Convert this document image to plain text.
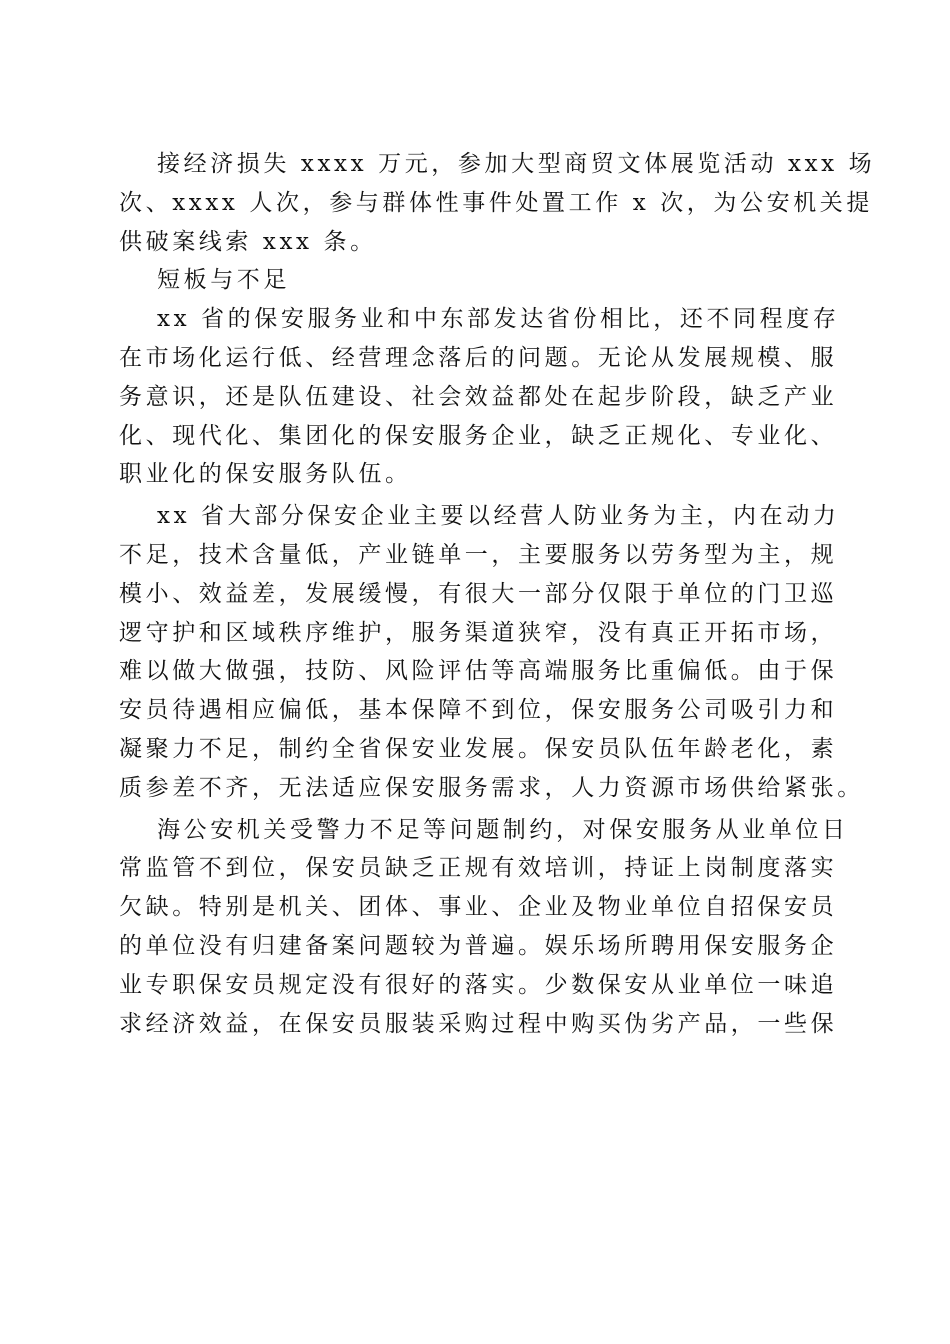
接经济损失 xxxx 万元，参加大型商贸文体展览活动 xxx 场
次、xxxx 人次，参与群体性事件处置工作 x 次，为公安机关提
供破案线索 xxx 条。
短板与不足
xx 省的保安服务业和中东部发达省份相比，还不同程度存
在市场化运行低、经营理念落后的问题。无论从发展规模、服
务意识，还是队伍建设、社会效益都处在起步阶段，缺乏产业
化、现代化、集团化的保安服务企业，缺乏正规化、专业化、
职业化的保安服务队伍。
xx 省大部分保安企业主要以经营人防业务为主，内在动力
不足，技术含量低，产业链单一，主要服务以劳务型为主，规
模小、效益差，发展缓慢，有很大一部分仅限于单位的门卫巡
逻守护和区域秩序维护，服务渠道狭窄，没有真正开拓市场，
难以做大做强，技防、风险评估等高端服务比重偏低。由于保
安员待遇相应偏低，基本保障不到位，保安服务公司吸引力和
凝聚力不足，制约全省保安业发展。保安员队伍年龄老化，素
质参差不齐，无法适应保安服务需求，人力资源市场供给紧张。
海公安机关受警力不足等问题制约，对保安服务从业单位日
常监管不到位，保安员缺乏正规有效培训，持证上岗制度落实
欠缺。特别是机关、团体、事业、企业及物业单位自招保安员
的单位没有归建备案问题较为普遍。娱乐场所聘用保安服务企
业专职保安员规定没有很好的落实。少数保安从业单位一味追
求经济效益，在保安员服装采购过程中购买伪劣产品，一些保
